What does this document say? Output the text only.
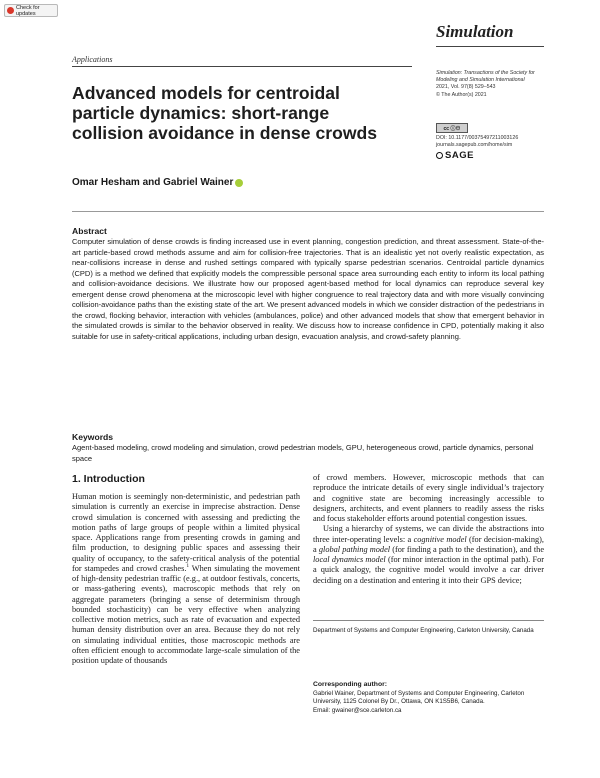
Check for updates
Applications
Simulation
Simulation: Transactions of the Society for
Modeling and Simulation International
2021, Vol. 97(8) 529–543
© The Author(s) 2021
cc ⓘ⊖
DOI: 10.1177/00375497211003126
journals.sagepub.com/home/sim
SAGE
Advanced models for centroidal particle dynamics: short-range collision avoidance in dense crowds
Omar Hesham and Gabriel Wainer
Abstract
Computer simulation of dense crowds is finding increased use in event planning, congestion prediction, and threat assessment. State-of-the-art particle-based crowd methods assume and aim for collision-free trajectories. That is an idealistic yet not overly realistic expectation, as near-collisions increase in dense and rushed settings compared with typically sparse pedestrian scenarios. Centroidal particle dynamics (CPD) is a method we defined that explicitly models the compressible personal space area surrounding each entity to inform its local pathing and collision-avoidance decisions. We illustrate how our proposed agent-based method for local dynamics can reproduce several key emergent dense crowd phenomena at the microscopic level with higher congruence to real trajectory data and with more visually convincing collision-avoidance paths than the existing state of the art. We present advanced models in which we consider distraction of the pedestrians in the crowd, flocking behavior, interaction with vehicles (ambulances, police) and other advanced models that show that emergent behavior in the simulated crowds is similar to the behavior observed in reality. We discuss how to increase confidence in CPD, potentially making it also suitable for use in safety-critical applications, including urban design, evacuation analysis, and crowd-safety planning.
Keywords
Agent-based modeling, crowd modeling and simulation, crowd pedestrian models, GPU, heterogeneous crowd, particle dynamics, personal space
1. Introduction

Human motion is seemingly non-deterministic, and pedestrian path simulation is currently an exercise in imprecise abstraction. Dense crowd simulation is concerned with assessing and predicting the motion paths of large groups of people within a limited physical space. Applications range from presenting crowds in gaming and film production, to designing public spaces and assessing their quality of occupancy, to the safety-critical analysis of the potential for stampedes and crowd crashes.$^1$ When simulating the movement of high-density pedestrian traffic (e.g., at outdoor festivals, concerts, or mass-gathering events), macroscopic methods that rely on aggregate parameters (bringing a sense of determinism through bounded stochasticity) can be very effective when analyzing collective motion metrics, such as rate of evacuation and expected human density distribution over an area. Because they do not rely on simulating individual entities, those macroscopic methods are often efficient enough to accommodate large-scale simulation of the position update of thousands

of crowd members. However, microscopic methods that can reproduce the intricate details of every single individual’s trajectory and cognitive state are becoming increasingly accessible to designers, architects, and event planners to readily assess the risks and focus stakeholder efforts around potential congestion issues.

Using a hierarchy of systems, we can divide the abstractions into three inter-operating levels: a cognitive model (for decision-making), a global pathing model (for finding a path to the destination), and the local dynamics model (for minor interaction in the optimal path). For a quick analogy, the cognitive model would involve a car driver deciding on a destination and entering it into their GPS device;

Department of Systems and Computer Engineering, Carleton University, Canada
Corresponding author:
Gabriel Wainer, Department of Systems and Computer Engineering, Carleton University, 1125 Colonel By Dr., Ottawa, ON K1S5B6, Canada.
Email: gwainer@sce.carleton.ca
